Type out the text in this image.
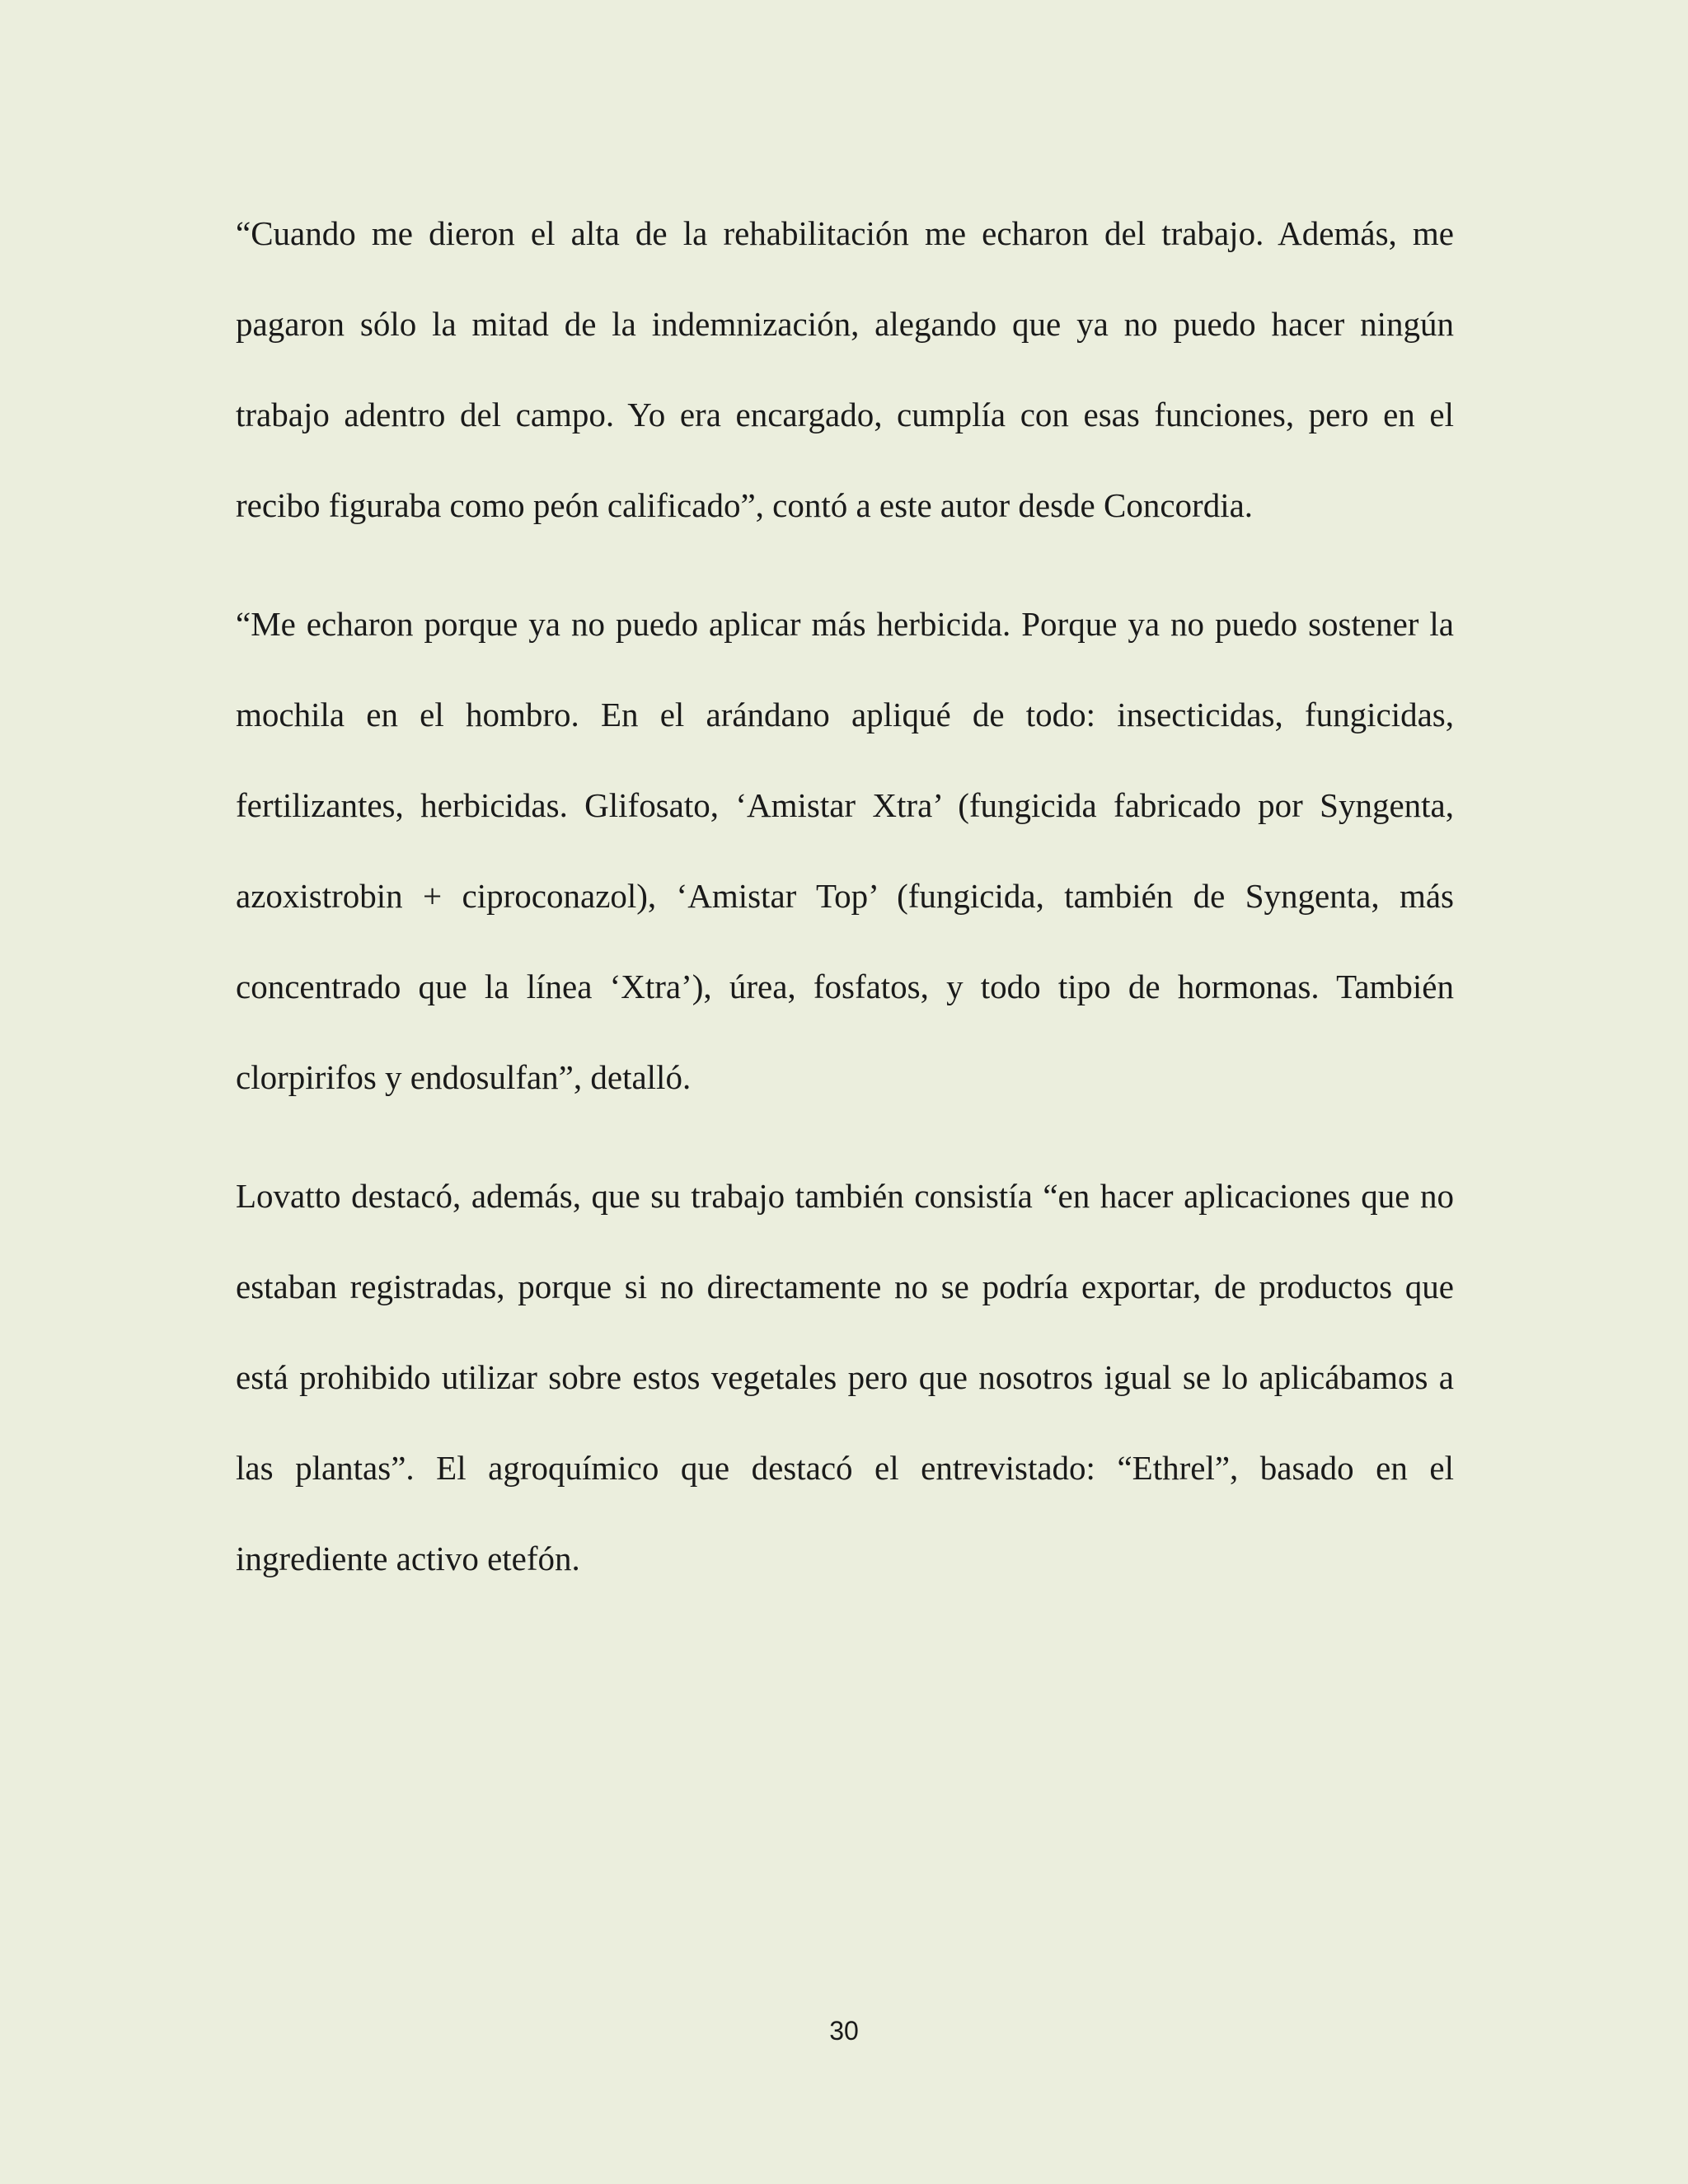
“Cuando me dieron el alta de la rehabilitación me echaron del trabajo. Además, me pagaron sólo la mitad de la indemnización, alegando que ya no puedo hacer ningún trabajo adentro del campo. Yo era encargado, cumplía con esas funciones, pero en el recibo figuraba como peón calificado”, contó a este autor desde Concordia.

“Me echaron porque ya no puedo aplicar más herbicida. Porque ya no puedo sostener la mochila en el hombro. En el arándano apliqué de todo: insecticidas, fungicidas, fertilizantes, herbicidas. Glifosato, ‘Amistar Xtra’ (fungicida fabricado por Syngenta, azoxistrobin + ciproconazol), ‘Amistar Top’ (fungicida, también de Syngenta, más concentrado que la línea ‘Xtra’), úrea, fosfatos, y todo tipo de hormonas. También clorpirifos y endosulfan”, detalló.

Lovatto destacó, además, que su trabajo también consistía “en hacer aplicaciones que no estaban registradas, porque si no directamente no se podría exportar, de productos que está prohibido utilizar sobre estos vegetales pero que nosotros igual se lo aplicábamos a las plantas”. El agroquímico que destacó el entrevistado: “Ethrel”, basado en el ingrediente activo etefón.

30
